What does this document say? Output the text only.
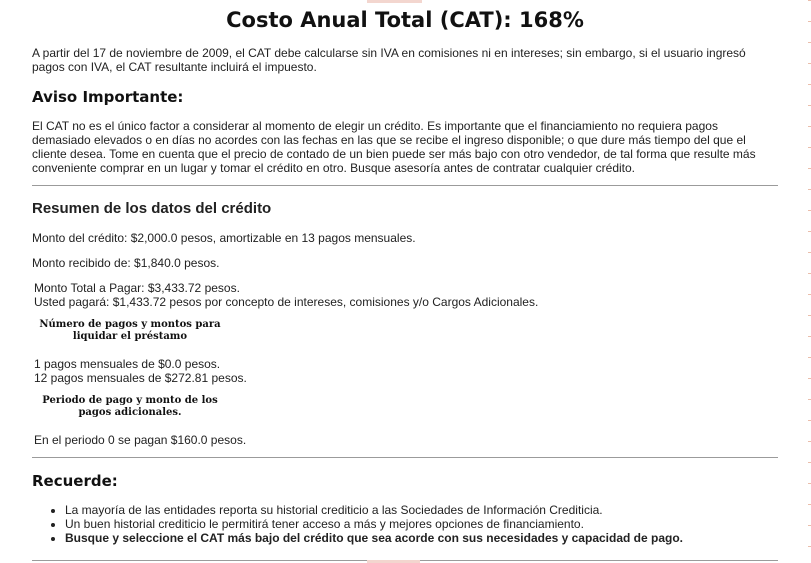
Costo Anual Total (CAT): 168%

A partir del 17 de noviembre de 2009, el CAT debe calcularse sin IVA en comisiones ni en intereses; sin embargo, si el usuario ingresó pagos con IVA, el CAT resultante incluirá el impuesto.

Aviso Importante:

El CAT no es el único factor a considerar al momento de elegir un crédito. Es importante que el financiamiento no requiera pagos demasiado elevados o en días no acordes con las fechas en las que se recibe el ingreso disponible; o que dure más tiempo del que el cliente desea. Tome en cuenta que el precio de contado de un bien puede ser más bajo con otro vendedor, de tal forma que resulte más conveniente comprar en un lugar y tomar el crédito en otro. Busque asesoría antes de contratar cualquier crédito.

Resumen de los datos del crédito

Monto del crédito: $2,000.0 pesos, amortizable en 13 pagos mensuales.

Monto recibido de: $1,840.0 pesos.

Monto Total a Pagar: $3,433.72 pesos.

Usted pagará: $1,433.72 pesos por concepto de intereses, comisiones y/o Cargos Adicionales.

Número de pagos y montos para liquidar el préstamo

1 pagos mensuales de $0.0 pesos.

12 pagos mensuales de $272.81 pesos.

Periodo de pago y monto de los pagos adicionales.

En el periodo 0 se pagan $160.0 pesos.

Recuerde:
• La mayoría de las entidades reporta su historial crediticio a las Sociedades de Información Crediticia.
• Un buen historial crediticio le permitirá tener acceso a más y mejores opciones de financiamiento.
• Busque y seleccione el CAT más bajo del crédito que sea acorde con sus necesidades y capacidad de pago.
